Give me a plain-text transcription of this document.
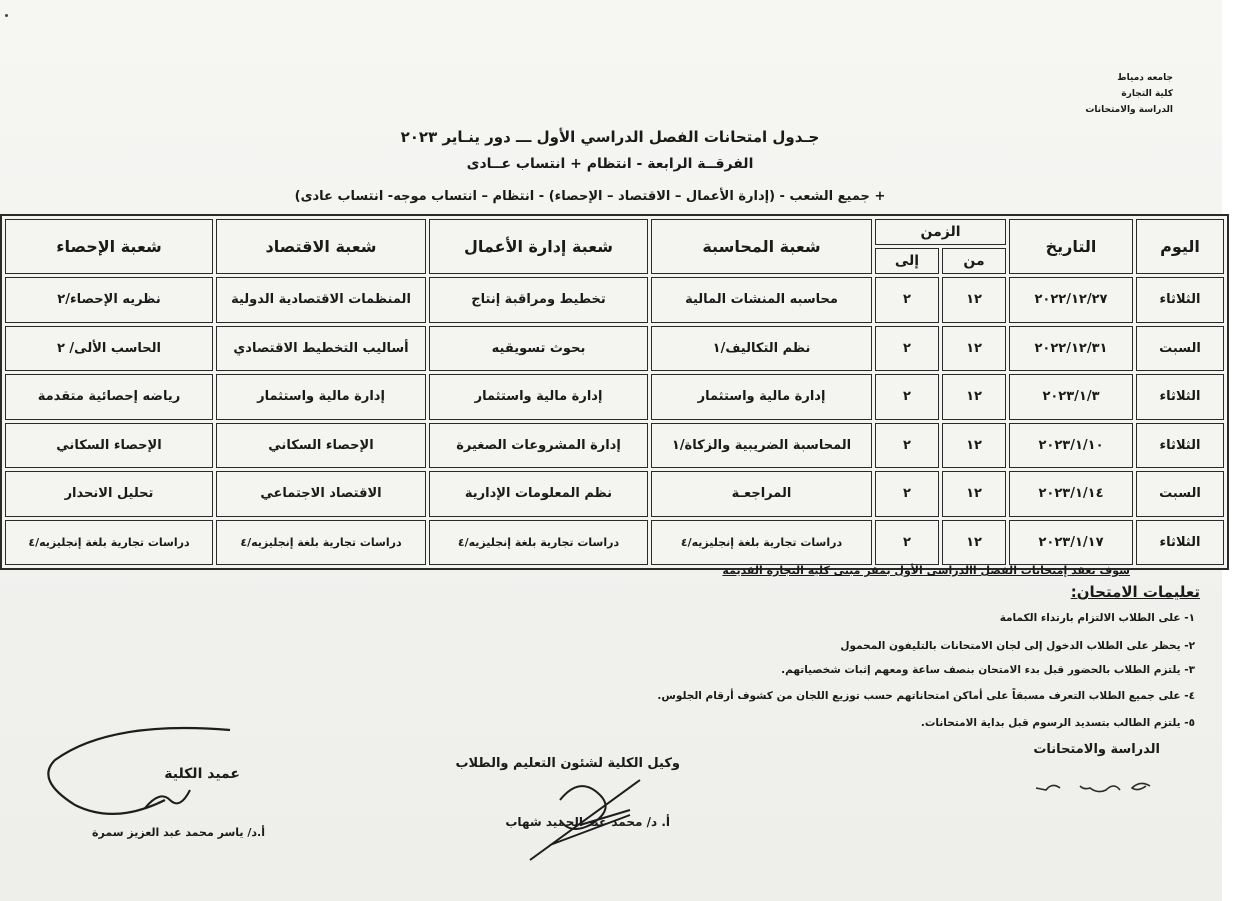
جامعه دمياط
كلية التجارة
الدراسة والامتحانات
جـدول امتحانات الفصل الدراسي الأول ـــ دور ينـاير ٢٠٢٣
الفرقــة الرابعة - انتظام + انتساب عــادى
+ جميع الشعب - (إدارة الأعمال – الاقتصاد – الإحصاء) - انتظام – انتساب موجه- انتساب عادى)
اليوم	التاريخ	الزمن		شعبة المحاسبة	شعبة إدارة الأعمال	شعبة الاقتصاد	شعبة الإحصاء
		من	إلى				
الثلاثاء	٢٠٢٢/١٢/٢٧	١٢	٢	محاسبه المنشات المالية	تخطيط ومراقبة إنتاج	المنظمات الاقتصادية الدولية	نظريه الإحصاء/٢
السبت	٢٠٢٢/١٢/٣١	١٢	٢	نظم التكاليف/١	بحوث تسويقيه	أساليب التخطيط الاقتصادي	الحاسب الألى/ ٢
الثلاثاء	٢٠٢٣/١/٣	١٢	٢	إدارة مالية واستثمار	إدارة مالية واستثمار	إدارة مالية واستثمار	رياضه إحصائية متقدمة
الثلاثاء	٢٠٢٣/١/١٠	١٢	٢	المحاسبة الضريبية والزكاة/١	إدارة المشروعات الصغيرة	الإحصاء السكاني	الإحصاء السكاني
السبت	٢٠٢٣/١/١٤	١٢	٢	المراجعـة	نظم المعلومات الإدارية	الاقتصاد الاجتماعي	تحليل الانحدار
الثلاثاء	٢٠٢٣/١/١٧	١٢	٢	دراسات تجارية بلغة إنجليزيه/٤	دراسات تجارية بلغة إنجليزيه/٤	دراسات تجارية بلغة إنجليزيه/٤	دراسات تجارية بلغة إنجليزيه/٤
سوف تعقد إمتحانات الفصل االدراسى الأول بمقر مبنى كليه التجارة القديمة
تعليمات الامتحان:
١- على الطلاب الالتزام بارتداء الكمامة
٢- يحظر على الطلاب الدخول إلى لجان الامتحانات بالتليفون المحمول
٣- يلتزم الطلاب بالحضور قبل بدء الامتحان بنصف ساعة ومعهم إثبات شخصياتهم.
٤- على جميع الطلاب التعرف مسبقاً على أماكن امتحاناتهم حسب توزيع اللجان من كشوف أرقام الجلوس.
٥- يلتزم الطالب بتسديد الرسوم قبل بداية الامتحانات.
الدراسة والامتحانات
وكيل الكلية لشئون التعليم والطلاب
أ. د/ محمد عبد الحميد شهاب
عميد الكلية
أ.د/ ياسر محمد عبد العزيز سمرة
